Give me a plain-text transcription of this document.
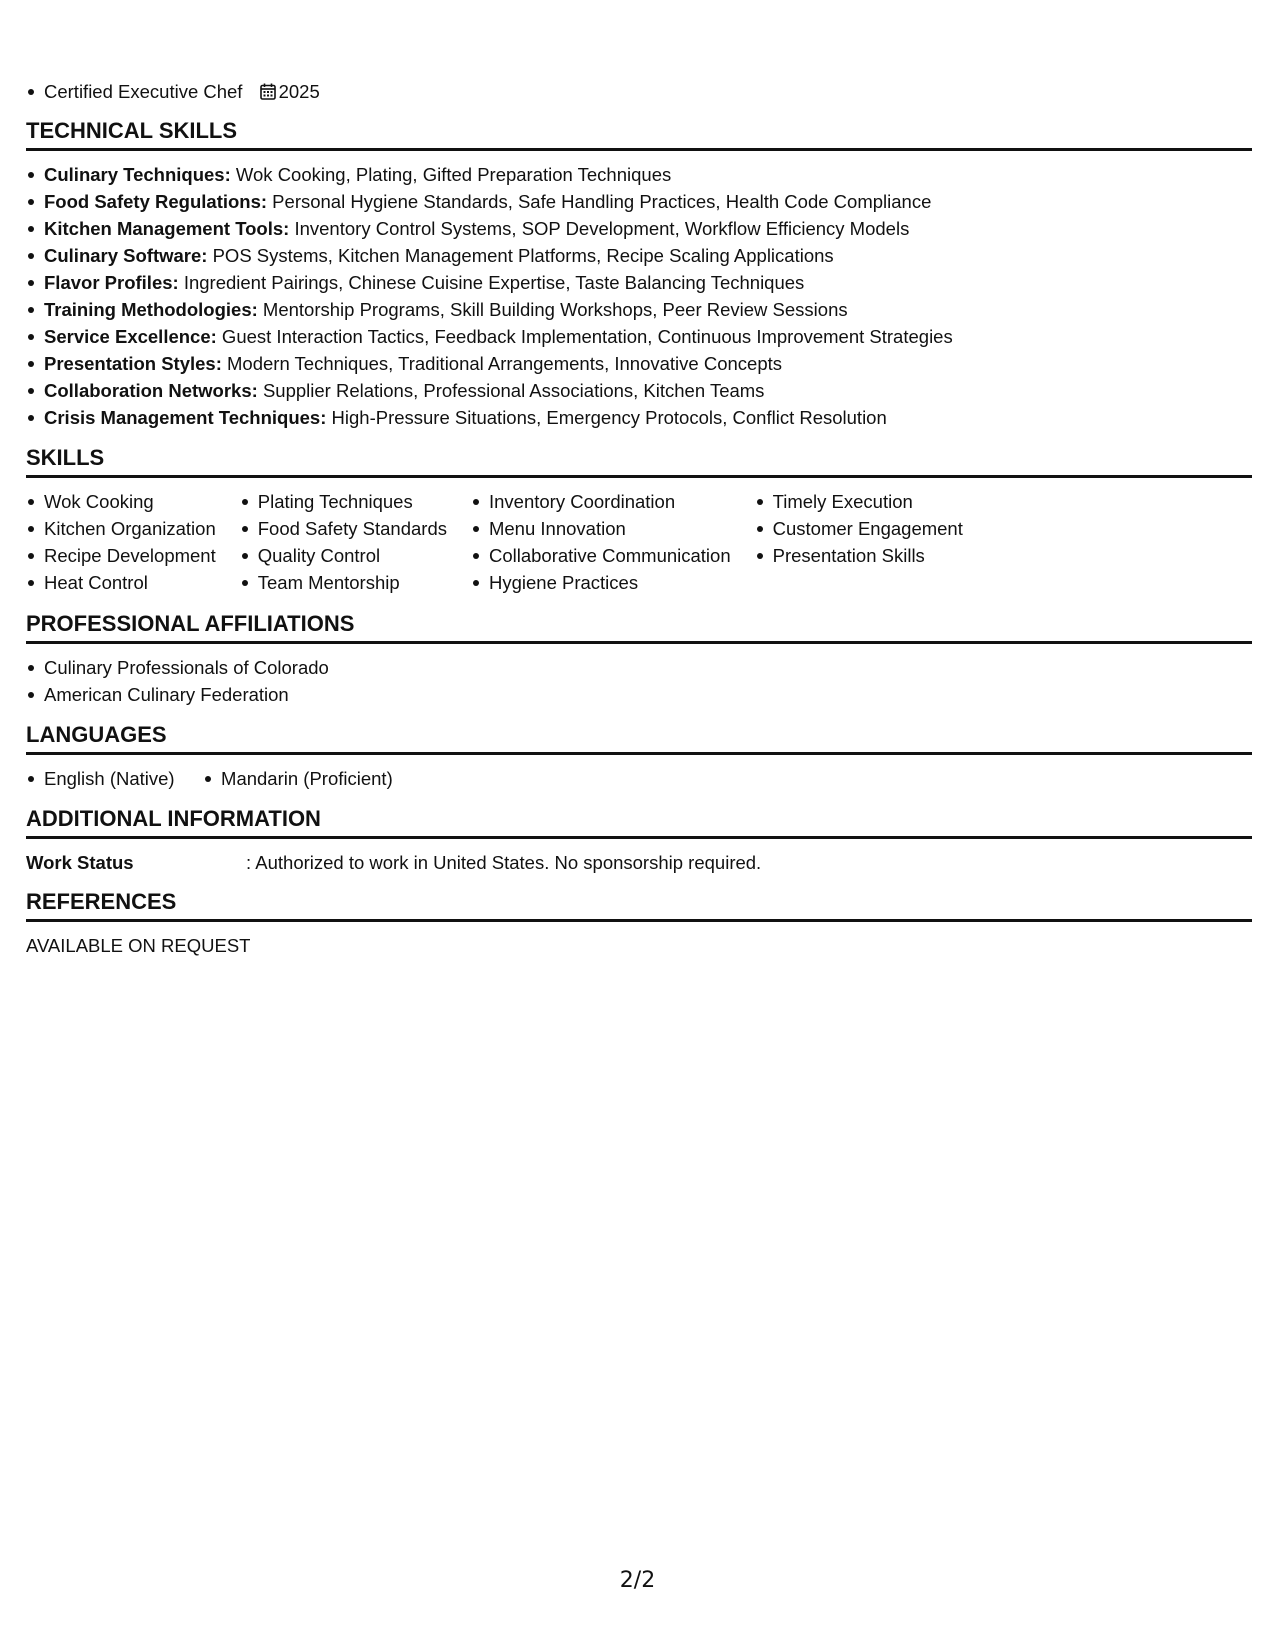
Certified Executive Chef 2025
TECHNICAL SKILLS
Culinary Techniques: Wok Cooking, Plating, Gifted Preparation Techniques
Food Safety Regulations: Personal Hygiene Standards, Safe Handling Practices, Health Code Compliance
Kitchen Management Tools: Inventory Control Systems, SOP Development, Workflow Efficiency Models
Culinary Software: POS Systems, Kitchen Management Platforms, Recipe Scaling Applications
Flavor Profiles: Ingredient Pairings, Chinese Cuisine Expertise, Taste Balancing Techniques
Training Methodologies: Mentorship Programs, Skill Building Workshops, Peer Review Sessions
Service Excellence: Guest Interaction Tactics, Feedback Implementation, Continuous Improvement Strategies
Presentation Styles: Modern Techniques, Traditional Arrangements, Innovative Concepts
Collaboration Networks: Supplier Relations, Professional Associations, Kitchen Teams
Crisis Management Techniques: High-Pressure Situations, Emergency Protocols, Conflict Resolution
SKILLS
Wok Cooking
Kitchen Organization
Recipe Development
Heat Control
Plating Techniques
Food Safety Standards
Quality Control
Team Mentorship
Inventory Coordination
Menu Innovation
Collaborative Communication
Hygiene Practices
Timely Execution
Customer Engagement
Presentation Skills
PROFESSIONAL AFFILIATIONS
Culinary Professionals of Colorado
American Culinary Federation
LANGUAGES
English (Native)	Mandarin (Proficient)
ADDITIONAL INFORMATION
Work Status	: Authorized to work in United States. No sponsorship required.
REFERENCES
AVAILABLE ON REQUEST
2/2
